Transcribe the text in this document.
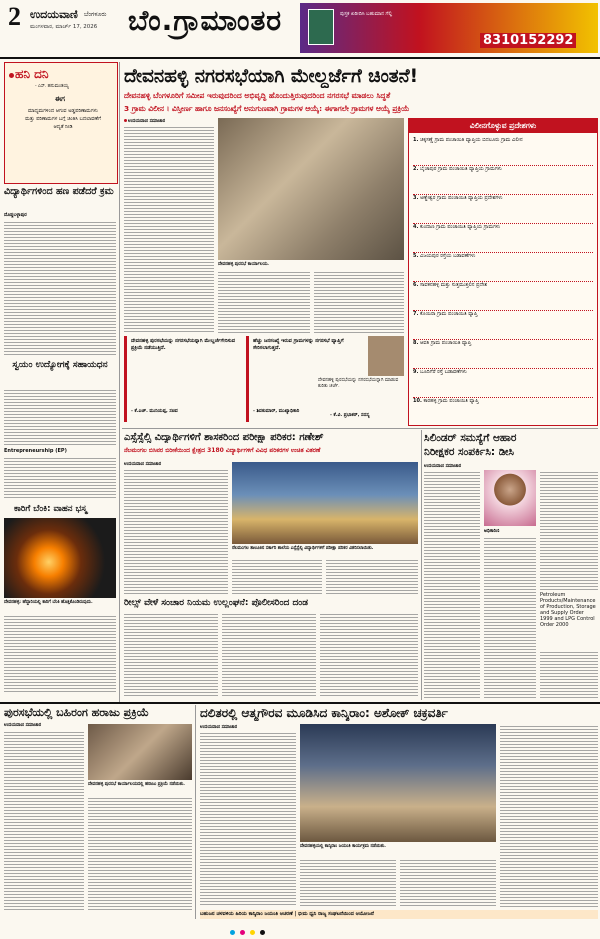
2 ಉದಯವಾಣಿ ಬೆಂಗಳೂರು
ಮಂಗಳವಾರ, ಮಾರ್ಚ್ 17, 2026 ಬೆಂ.ಗ್ರಾಮಾಂತರ	ಪುಸ್ತಕ ಖರೀದಿಸಿ ಬಹುಮಾನ ಗೆಲ್ಲಿ
8310152292
ಹನಿ ದನಿ
- ಎಸ್. ಹನುಮಂತಯ್ಯ
ಈಗ
ಮಾಧ್ಯಮಗಳಿಂದ ಆಗುವ ಅಡ್ಡಪರಿಣಾಮಗಳು ಮತ್ತು ಪರಿಣಾಮಗಳ ಬಗ್ಗೆ ಚಿಂತಿಸಿ ಬದಲಾವಣೆಗೆ ಆದ್ಯತೆ ನೀಡಿ
ವಿದ್ಯಾರ್ಥಿಗಳಿಂದ ಹಣ ಪಡೆದರೆ ಕ್ರಮ
ದೊಡ್ಡಬಳ್ಳಾಪುರ
ಸ್ವಯಂ ಉದ್ಯೋಗಕ್ಕೆ ಸಹಾಯಧನ
Entrepreneurship (EP)
ಕಾರಿಗೆ ಬೆಂಕಿ: ವಾಹನ ಭಸ್ಮ
ದೇವನಹಳ್ಳಿ: ಹೆದ್ದಾರಿಯಲ್ಲಿ ಕಾರಿಗೆ ಬೆಂಕಿ ಹೊತ್ತಿಕೊಂಡಿರುವುದು.
ದೇವನಹಳ್ಳಿ ನಗರಸಭೆಯಾಗಿ ಮೇಲ್ದರ್ಜೆಗೆ ಚಿಂತನೆ!
ದೇವನಹಳ್ಳಿ ಬೆಂಗಳೂರಿಗೆ ಸಮೀಪ ಇರುವುದರಿಂದ ಅಭಿವೃದ್ಧಿ ಹೊಂದುತ್ತಿರುವುದರಿಂದ ನಗರಸಭೆ ಮಾಡಲು ಸಿದ್ಧತೆ
3 ಗ್ರಾಮ ವಿಲೀನ । ವಿಸ್ತೀರ್ಣ ಹಾಗೂ ಜನಸಂಖ್ಯೆಗೆ ಅನುಗುಣವಾಗಿ ಗ್ರಾಮಗಳ ಆಯ್ಕೆ: ಈಗಾಗಲೇ ಗ್ರಾಮಗಳ ಆಯ್ಕೆ ಪ್ರಕ್ರಿಯೆ
ಉದಯವಾಣಿ ಸಮಾಚಾರ
ದೇವನಹಳ್ಳಿ ಪುರಸಭೆ ಕಾರ್ಯಾಲಯ.
ದೇವನಹಳ್ಳಿ ಪುರಸಭೆಯನ್ನು ನಗರಸಭೆಯನ್ನಾಗಿ ಮೇಲ್ದರ್ಜೆಗೇರಿಸುವ ಪ್ರಕ್ರಿಯೆ ನಡೆಯುತ್ತಿದೆ.
- ಕೆ.ಎಚ್. ಮುನಿಯಪ್ಪ, ಸಚಿವ
ಹೆಚ್ಚು ಜನಸಂಖ್ಯೆ ಇರುವ ಗ್ರಾಮಗಳನ್ನು ನಗರಸಭೆ ವ್ಯಾಪ್ತಿಗೆ ಸೇರಿಸಲಾಗುತ್ತದೆ.
- ಶಿವಕುಮಾರ್, ಮುಖ್ಯಾಧಿಕಾರಿ
ದೇವನಹಳ್ಳಿ ಪುರಸಭೆಯನ್ನು ನಗರಸಭೆಯನ್ನಾಗಿ ಮಾಡುವ ಕುರಿತು ಚರ್ಚೆ.
- ಕೆ.ವಿ. ಪ್ರಭಾಕರ್, ಸದಸ್ಯ
ವಿಲೀನಗೊಳ್ಳುವ ಪ್ರದೇಶಗಳು
1. ಚಿಕ್ಕಸಣ್ಣೆ ಗ್ರಾಮ ಪಂಚಾಯಿತಿ ವ್ಯಾಪ್ತಿಯ ಬಿದಲೂರು ಗ್ರಾಮ ವಿಲೀನ
2. ಬೈಚಾಪುರ ಗ್ರಾಮ ಪಂಚಾಯಿತಿ ವ್ಯಾಪ್ತಿಯ ಗ್ರಾಮಗಳು
3. ಅಣ್ಣೇಶ್ವರ ಗ್ರಾಮ ಪಂಚಾಯಿತಿ ವ್ಯಾಪ್ತಿಯ ಪ್ರದೇಶಗಳು
4. ಕುಂದಾಣ ಗ್ರಾಮ ಪಂಚಾಯಿತಿ ವ್ಯಾಪ್ತಿಯ ಗ್ರಾಮಗಳು
5. ವಿಜಯಪುರ ರಸ್ತೆಯ ಬಡಾವಣೆಗಳು
6. ಸಾವಕನಹಳ್ಳಿ ಮತ್ತು ಸುತ್ತಮುತ್ತಲಿನ ಪ್ರದೇಶ
7. ಕೊಯಿರಾ ಗ್ರಾಮ ಪಂಚಾಯಿತಿ ವ್ಯಾಪ್ತಿ
8. ಆವತಿ ಗ್ರಾಮ ಪಂಚಾಯಿತಿ ವ್ಯಾಪ್ತಿ
9. ಬೂದಿಗೆರೆ ರಸ್ತೆ ಬಡಾವಣೆಗಳು
10. ಕಾರಹಳ್ಳಿ ಗ್ರಾಮ ಪಂಚಾಯಿತಿ ವ್ಯಾಪ್ತಿ
ಎಸ್ಸೆಸ್ಸೆಲ್ಸಿ ವಿದ್ಯಾರ್ಥಿಗಳಿಗೆ ಶಾಸಕರಿಂದ ಪರೀಕ್ಷಾ ಪರಿಕರ: ಗಣೇಶ್
ನೆಲಮಂಗಲ ಬಿಸಿವರ ಬಿರೀಕೆಯಿಂದ ಕ್ಷೇತ್ರದ 3180 ವಿದ್ಯಾರ್ಥಿಗಳಿಗೆ ವಿವಿಧ ಪರಿಕರಗಳ ಉಚಿತ ವಿತರಣೆ
ಉದಯವಾಣಿ ಸಮಾಚಾರ
ನೆಲಮಂಗಲ ತಾಲೂಕಿನ ಸರ್ಕಾರಿ ಶಾಲೆಯ ಎಸ್ಸೆಸ್ಸೆಲ್ಸಿ ವಿದ್ಯಾರ್ಥಿಗಳಿಗೆ ಪರೀಕ್ಷಾ ಪರಿಕರ ವಿತರಿಸಲಾಯಿತು.
ರೀಲ್ಸ್ ವೇಳೆ ಸಂಚಾರ ನಿಯಮ ಉಲ್ಲಂಘನೆ: ಪೊಲೀಸರಿಂದ ದಂಡ
ಸಿಲಿಂಡರ್ ಸಮಸ್ಯೆಗೆ ಆಹಾರ
ನಿರೀಕ್ಷಕರ ಸಂಪರ್ಕಿಸಿ: ಡೀಸಿ
ಉದಯವಾಣಿ ಸಮಾಚಾರ
ಅಧಿಕಾರಿಣಿ
Petroleum Products/Maintenance of Production, Storage and Supply Order 1999 and LPG Control Order 2000
ಪುರಸಭೆಯಲ್ಲಿ ಬಹಿರಂಗ ಹರಾಜು ಪ್ರಕ್ರಿಯೆ
ಉದಯವಾಣಿ ಸಮಾಚಾರ
ದೇವನಹಳ್ಳಿ ಪುರಸಭೆ ಕಾರ್ಯಾಲಯದಲ್ಲಿ ಹರಾಜು ಪ್ರಕ್ರಿಯೆ ನಡೆಯಿತು.
ದಲಿತರಲ್ಲಿ ಆತ್ಮಗೌರವ ಮೂಡಿಸಿದ ಕಾನ್ಶಿರಾಂ: ಅಶೋಕ್ ಚಕ್ರವರ್ತಿ
ಉದಯವಾಣಿ ಸಮಾಚಾರ
ದೇವನಹಳ್ಳಿಯಲ್ಲಿ ಕಾನ್ಶಿರಾಂ ಜಯಂತಿ ಕಾರ್ಯಕ್ರಮ ನಡೆಯಿತು.
ಬಹುಜನ ಚಳವಳಿಯ ಹಿರಿಯ ಕಾನ್ಶಿರಾಂ ಜಯಂತಿ ಆಚರಣೆ | ಭೀಮ ಧ್ವನಿ ರಾಜ್ಯ ಸಂಘಟನೆಯಿಂದ ಆಯೋಜನೆ
